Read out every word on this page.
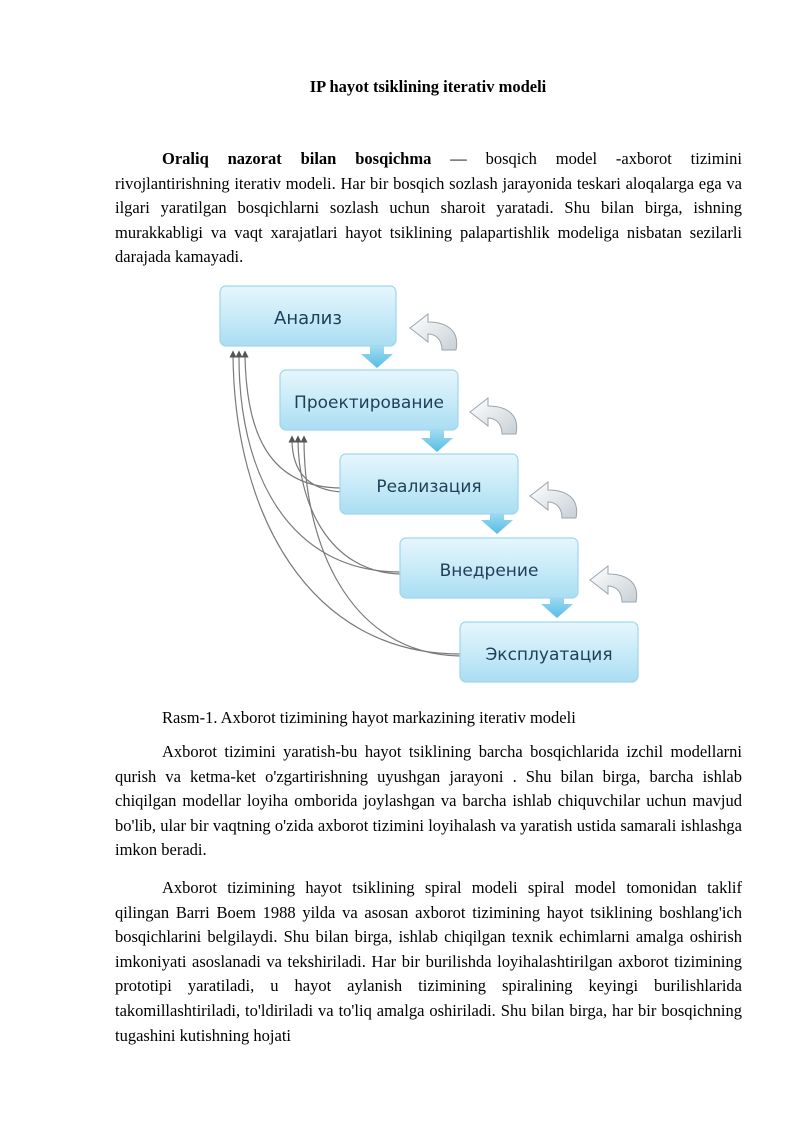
IP hayot tsiklining iterativ modeli

Oraliq nazorat bilan bosqichma — bosqich model -axborot tizimini rivojlantirishning iterativ modeli. Har bir bosqich sozlash jarayonida teskari aloqalarga ega va ilgari yaratilgan bosqichlarni sozlash uchun sharoit yaratadi. Shu bilan birga, ishning murakkabligi va vaqt xarajatlari hayot tsiklining palapartishlik modeliga nisbatan sezilarli darajada kamayadi.

Анализ
Проектирование
Реализация
Внедрение
Эксплуатация
Rasm-1. Axborot tizimining hayot markazining iterativ modeli

Axborot tizimini yaratish-bu hayot tsiklining barcha bosqichlarida izchil modellarni qurish va ketma-ket o'zgartirishning uyushgan jarayoni . Shu bilan birga, barcha ishlab chiqilgan modellar loyiha omborida joylashgan va barcha ishlab chiquvchilar uchun mavjud bo'lib, ular bir vaqtning o'zida axborot tizimini loyihalash va yaratish ustida samarali ishlashga imkon beradi.

Axborot tizimining hayot tsiklining spiral modeli spiral model tomonidan taklif qilingan Barri Boem 1988 yilda va asosan axborot tizimining hayot tsiklining boshlang'ich bosqichlarini belgilaydi. Shu bilan birga, ishlab chiqilgan texnik echimlarni amalga oshirish imkoniyati asoslanadi va tekshiriladi. Har bir burilishda loyihalashtirilgan axborot tizimining prototipi yaratiladi, u hayot aylanish tizimining spiralining keyingi burilishlarida takomillashtiriladi, to'ldiriladi va to'liq amalga oshiriladi. Shu bilan birga, har bir bosqichning tugashini kutishning hojati
